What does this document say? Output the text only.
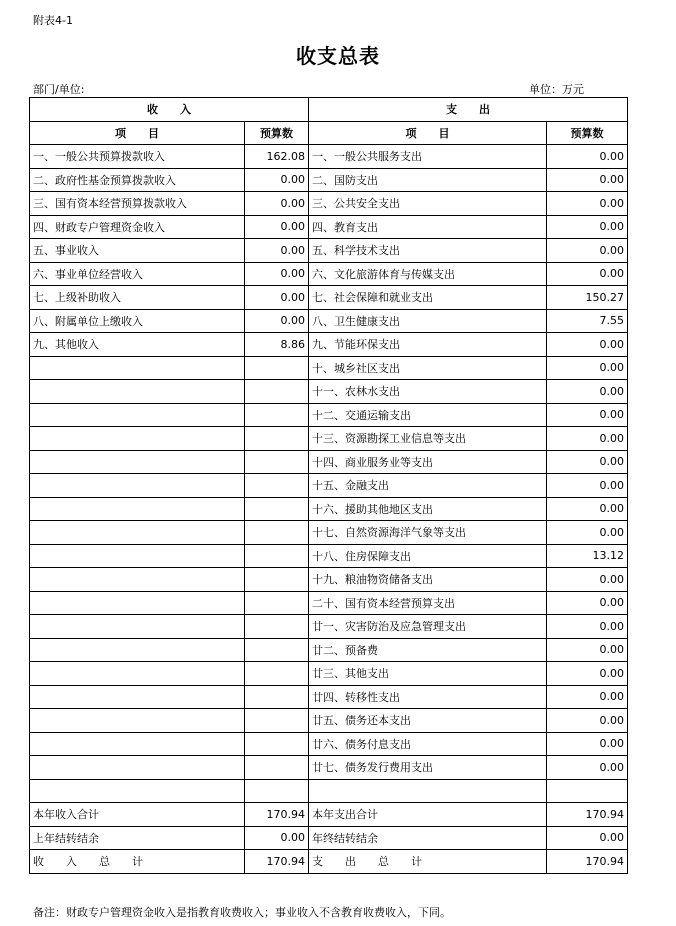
附表4-1
收支总表
部门/单位:	单位：万元
收　　入		支　　出	
项　　目	预算数	项　　目	预算数
一、一般公共预算拨款收入	162.08	一、一般公共服务支出	0.00
二、政府性基金预算拨款收入	0.00	二、国防支出	0.00
三、国有资本经营预算拨款收入	0.00	三、公共安全支出	0.00
四、财政专户管理资金收入	0.00	四、教育支出	0.00
五、事业收入	0.00	五、科学技术支出	0.00
六、事业单位经营收入	0.00	六、文化旅游体育与传媒支出	0.00
七、上级补助收入	0.00	七、社会保障和就业支出	150.27
八、附属单位上缴收入	0.00	八、卫生健康支出	7.55
九、其他收入	8.86	九、节能环保支出	0.00
		十、城乡社区支出	0.00
		十一、农林水支出	0.00
		十二、交通运输支出	0.00
		十三、资源勘探工业信息等支出	0.00
		十四、商业服务业等支出	0.00
		十五、金融支出	0.00
		十六、援助其他地区支出	0.00
		十七、自然资源海洋气象等支出	0.00
		十八、住房保障支出	13.12
		十九、粮油物资储备支出	0.00
		二十、国有资本经营预算支出	0.00
		廿一、灾害防治及应急管理支出	0.00
		廿二、预备费	0.00
		廿三、其他支出	0.00
		廿四、转移性支出	0.00
		廿五、债务还本支出	0.00
		廿六、债务付息支出	0.00
		廿七、债务发行费用支出	0.00

本年收入合计	170.94	本年支出合计	170.94
上年结转结余	0.00	年终结转结余	0.00
收　　入　　总　　计	170.94	支　　出　　总　　计	170.94
备注：财政专户管理资金收入是指教育收费收入；事业收入不含教育收费收入，下同。
